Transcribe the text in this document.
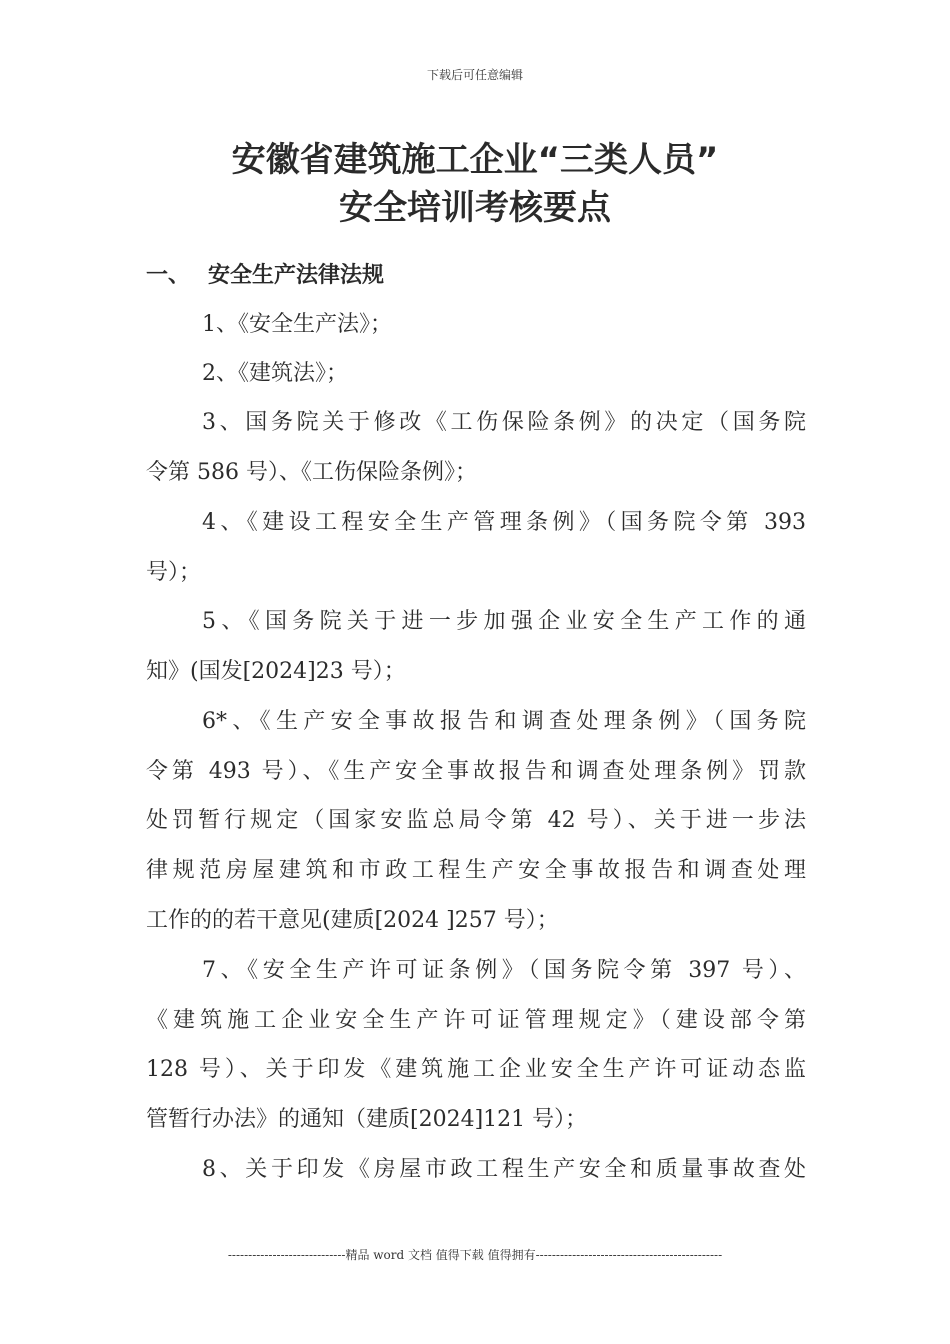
下载后可任意编辑
安徽省建筑施工企业“三类人员”
安全培训考核要点
一、 安全生产法律法规
1、《安全生产法》；
2、《建筑法》；
3、国务院关于修改《工伤保险条例》的决定（国务院
令第 586 号）、《工伤保险条例》；
4、《建设工程安全生产管理条例》（国务院令第 393
号）；
5、《国务院关于进一步加强企业安全生产工作的通
知》(国发[2024]23 号）；
6*、《生产安全事故报告和调查处理条例》（国务院
令第 493 号）、《生产安全事故报告和调查处理条例》罚款
处罚暂行规定（国家安监总局令第 42 号）、关于进一步法
律规范房屋建筑和市政工程生产安全事故报告和调查处理
工作的的若干意见(建质[2024 ]257 号）；
7、《安全生产许可证条例》（国务院令第 397 号）、
《建筑施工企业安全生产许可证管理规定》（建设部令第
128 号）、关于印发《建筑施工企业安全生产许可证动态监
管暂行办法》的通知（建质[2024]121 号）；
8、关于印发《房屋市政工程生产安全和质量事故查处
-----------------------------精品 word 文档 值得下载 值得拥有----------------------------------------------
